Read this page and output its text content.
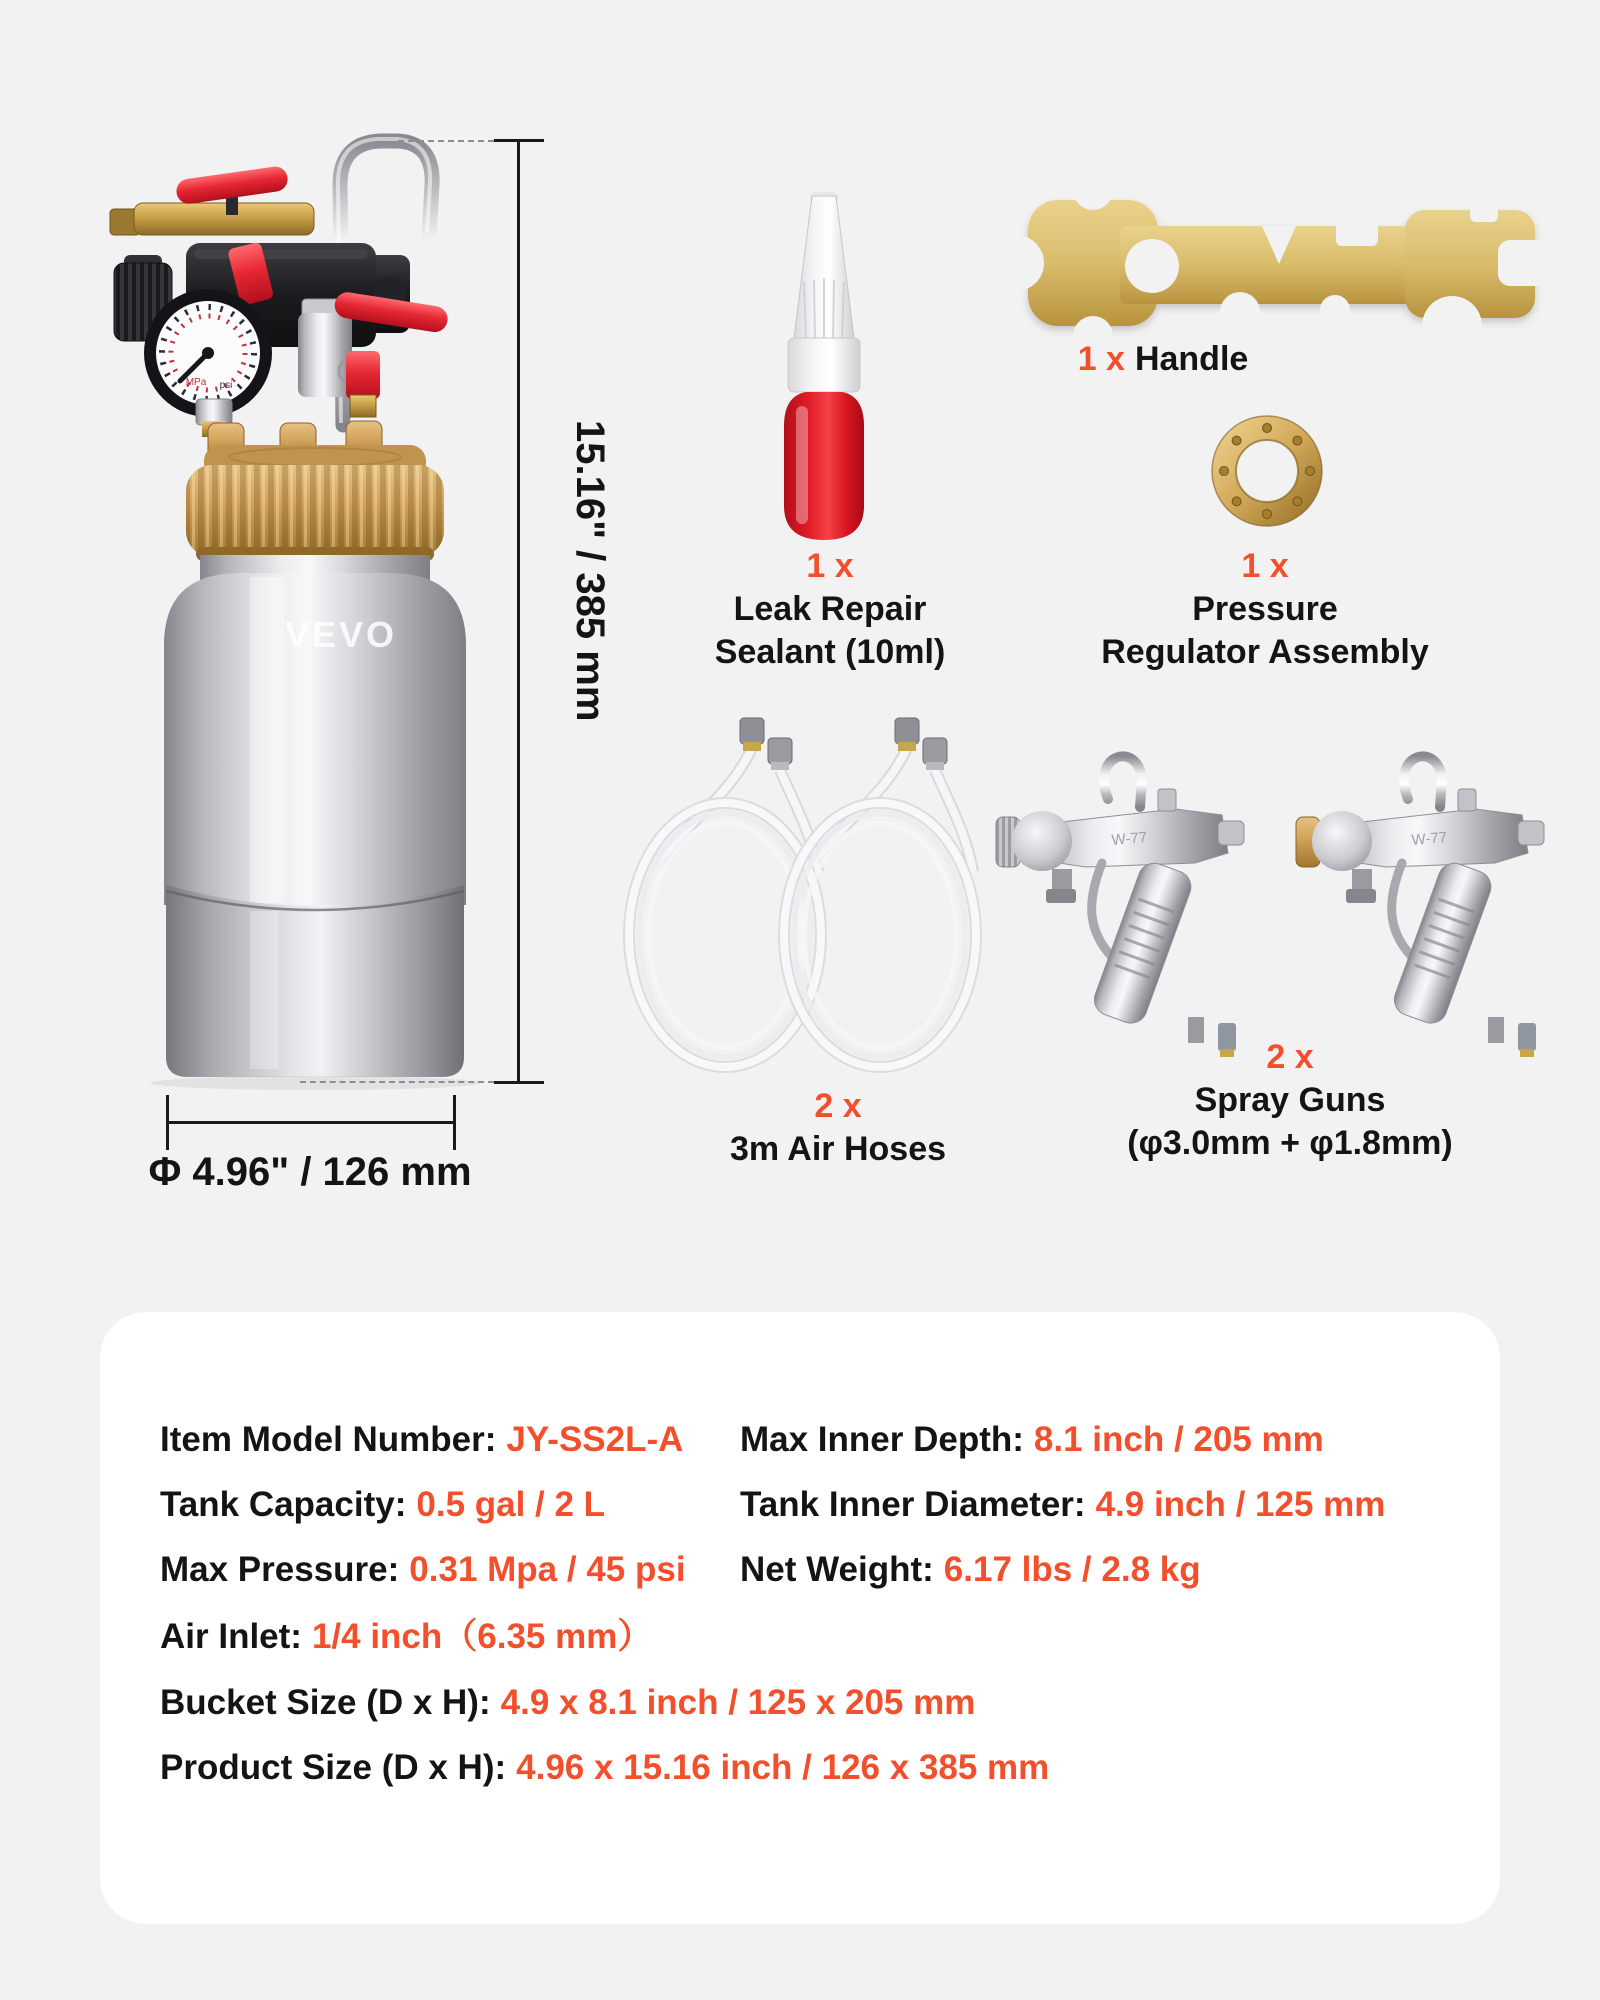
MPa psi
VEVO	15.16" / 385 mm
Φ 4.96" / 126 mm
1 x
Leak Repair
Sealant (10ml)
1 x Handle
1 x
Pressure
Regulator Assembly
2 x
3m Air Hoses
W-77	W-77
2 x
Spray Guns
(φ3.0mm + φ1.8mm)
Item Model Number: JY-SS2L-A
Tank Capacity: 0.5 gal / 2 L
Max Pressure: 0.31 Mpa / 45 psi
Air Inlet: 1/4 inch（6.35 mm）
Bucket Size (D x H): 4.9 x 8.1 inch / 125 x 205 mm
Product Size (D x H): 4.96 x 15.16 inch / 126 x 385 mm
Max Inner Depth: 8.1 inch / 205 mm
Tank Inner Diameter: 4.9 inch / 125 mm
Net Weight: 6.17 lbs / 2.8 kg
